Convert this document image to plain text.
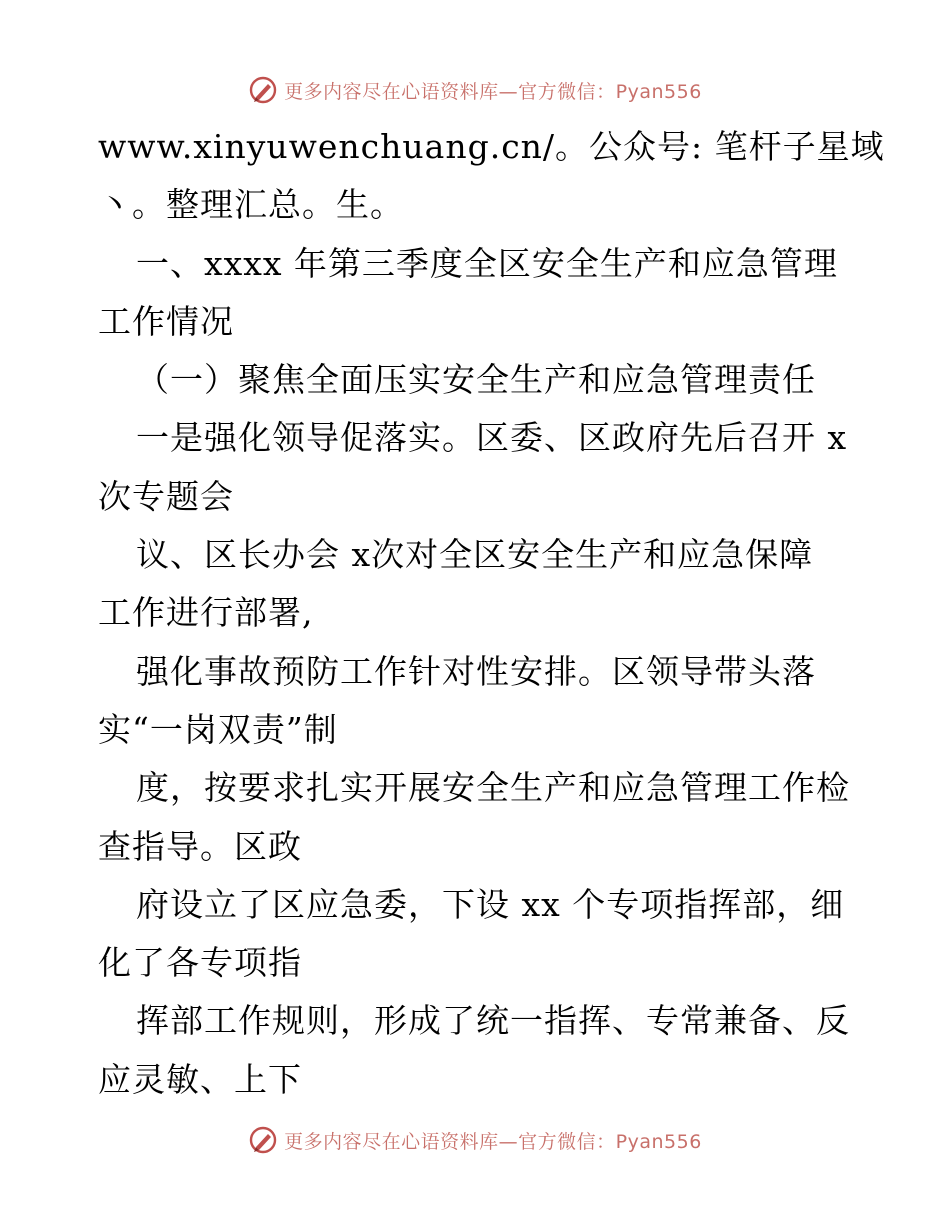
更多内容尽在心语资料库—官方微信：Pyan556
www.xinyuwenchuang.cn/。公众号: 笔杆子星域
丶。整理汇总。生。
一、xxxx 年第三季度全区安全生产和应急管理
工作情况
（一）聚焦全面压实安全生产和应急管理责任
一是强化领导促落实。区委、区政府先后召开 x
次专题会
议、区长办会 x次对全区安全生产和应急保障
工作进行部署,
强化事故预防工作针对性安排。区领导带头落
实“一岗双责”制
度，按要求扎实开展安全生产和应急管理工作检
查指导。区政
府设立了区应急委，下设 xx 个专项指挥部，细
化了各专项指
挥部工作规则，形成了统一指挥、专常兼备、反
应灵敏、上下
更多内容尽在心语资料库—官方微信：Pyan556
